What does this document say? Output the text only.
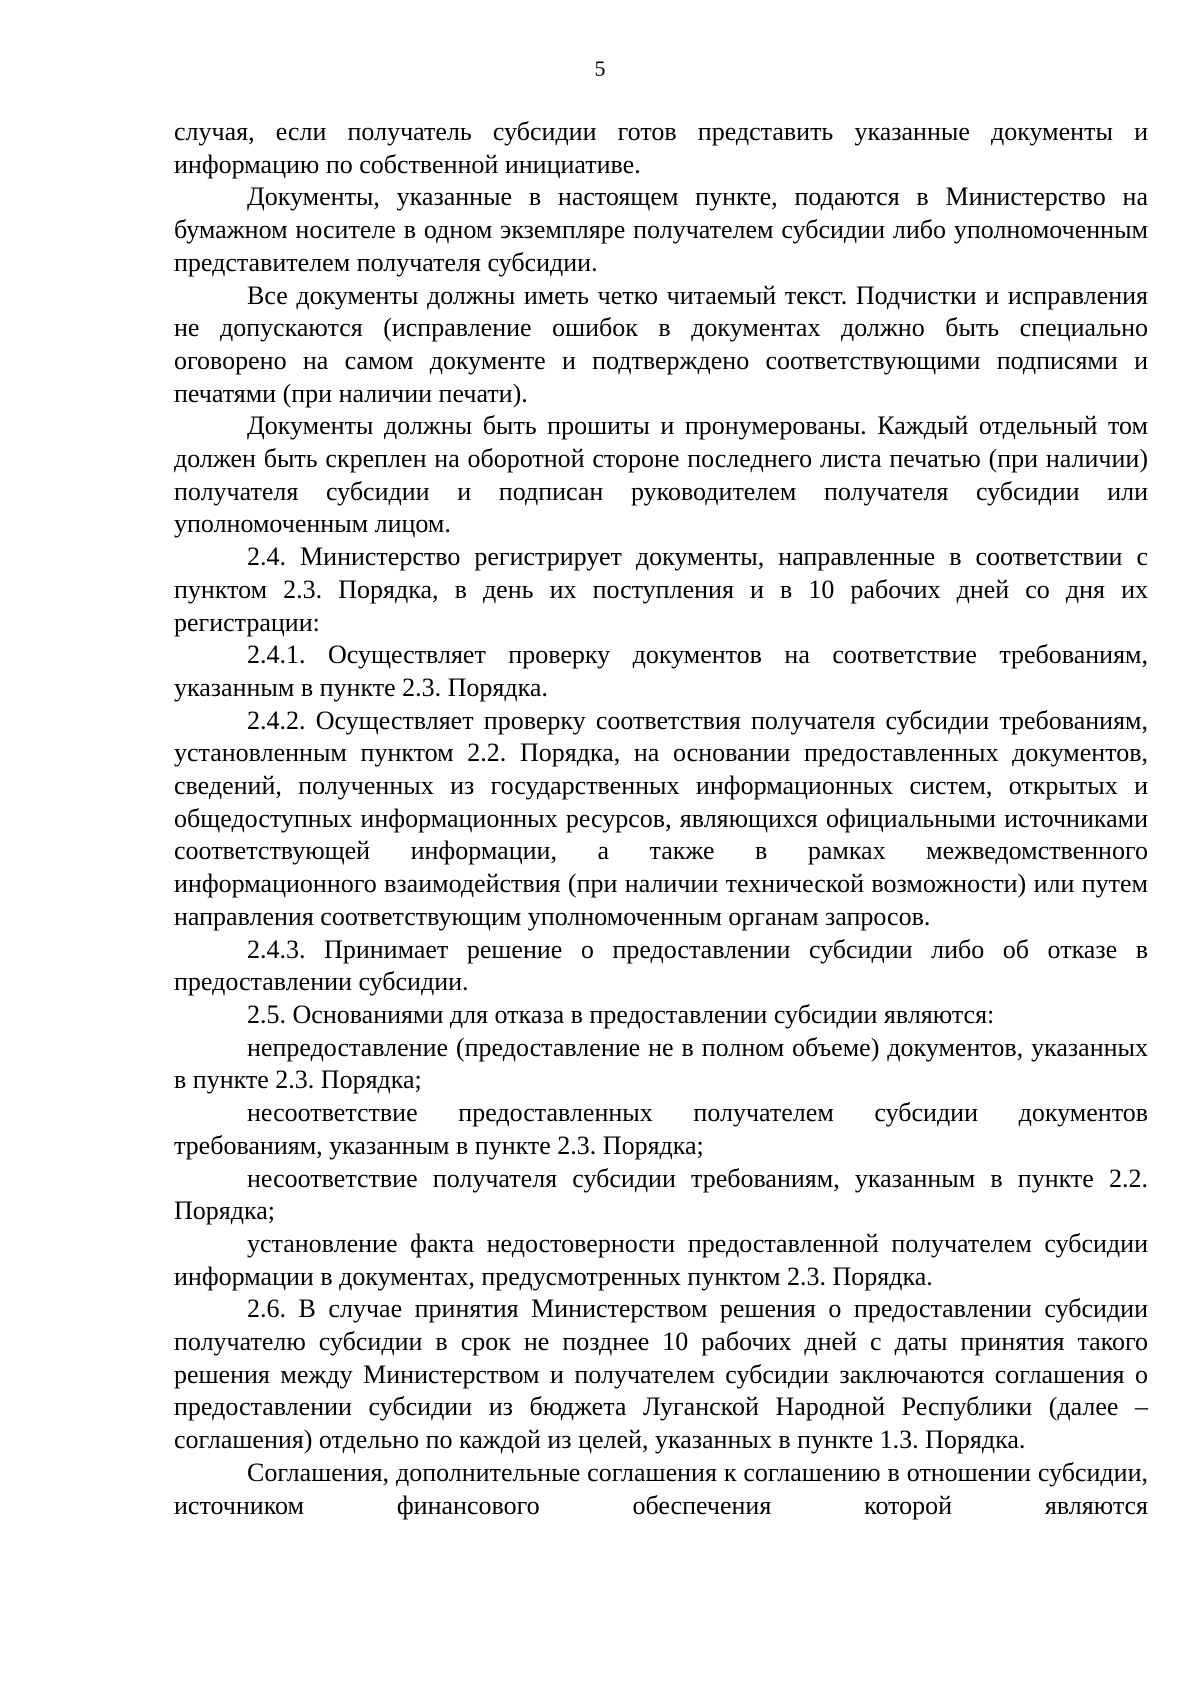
5

случая, если получатель субсидии готов представить указанные документы и информацию по собственной инициативе.

Документы, указанные в настоящем пункте, подаются в Министерство на бумажном носителе в одном экземпляре получателем субсидии либо уполномоченным представителем получателя субсидии.

Все документы должны иметь четко читаемый текст. Подчистки и исправления не допускаются (исправление ошибок в документах должно быть специально оговорено на самом документе и подтверждено соответствующими подписями и печатями (при наличии печати).

Документы должны быть прошиты и пронумерованы. Каждый отдельный том должен быть скреплен на оборотной стороне последнего листа печатью (при наличии) получателя субсидии и подписан руководителем получателя субсидии или уполномоченным лицом.

2.4. Министерство регистрирует документы, направленные в соответствии с пунктом 2.3. Порядка, в день их поступления и в 10 рабочих дней со дня их регистрации:

2.4.1. Осуществляет проверку документов на соответствие требованиям, указанным в пункте 2.3. Порядка.

2.4.2. Осуществляет проверку соответствия получателя субсидии требованиям, установленным пунктом 2.2. Порядка, на основании предоставленных документов, сведений, полученных из государственных информационных систем, открытых и общедоступных информационных ресурсов, являющихся официальными источниками соответствующей информации, а также в рамках межведомственного информационного взаимодействия (при наличии технической возможности) или путем направления соответствующим уполномоченным органам запросов.

2.4.3. Принимает решение о предоставлении субсидии либо об отказе в предоставлении субсидии.

2.5. Основаниями для отказа в предоставлении субсидии являются:

непредоставление (предоставление не в полном объеме) документов, указанных в пункте 2.3. Порядка;

несоответствие предоставленных получателем субсидии документов требованиям, указанным в пункте 2.3. Порядка;

несоответствие получателя субсидии требованиям, указанным в пункте 2.2. Порядка;

установление факта недостоверности предоставленной получателем субсидии информации в документах, предусмотренных пунктом 2.3. Порядка.

2.6. В случае принятия Министерством решения о предоставлении субсидии получателю субсидии в срок не позднее 10 рабочих дней с даты принятия такого решения между Министерством и получателем субсидии заключаются соглашения о предоставлении субсидии из бюджета Луганской Народной Республики (далее – соглашения) отдельно по каждой из целей, указанных в пункте 1.3. Порядка.

Соглашения, дополнительные соглашения к соглашению в отношении субсидии, источником финансового обеспечения которой являются
